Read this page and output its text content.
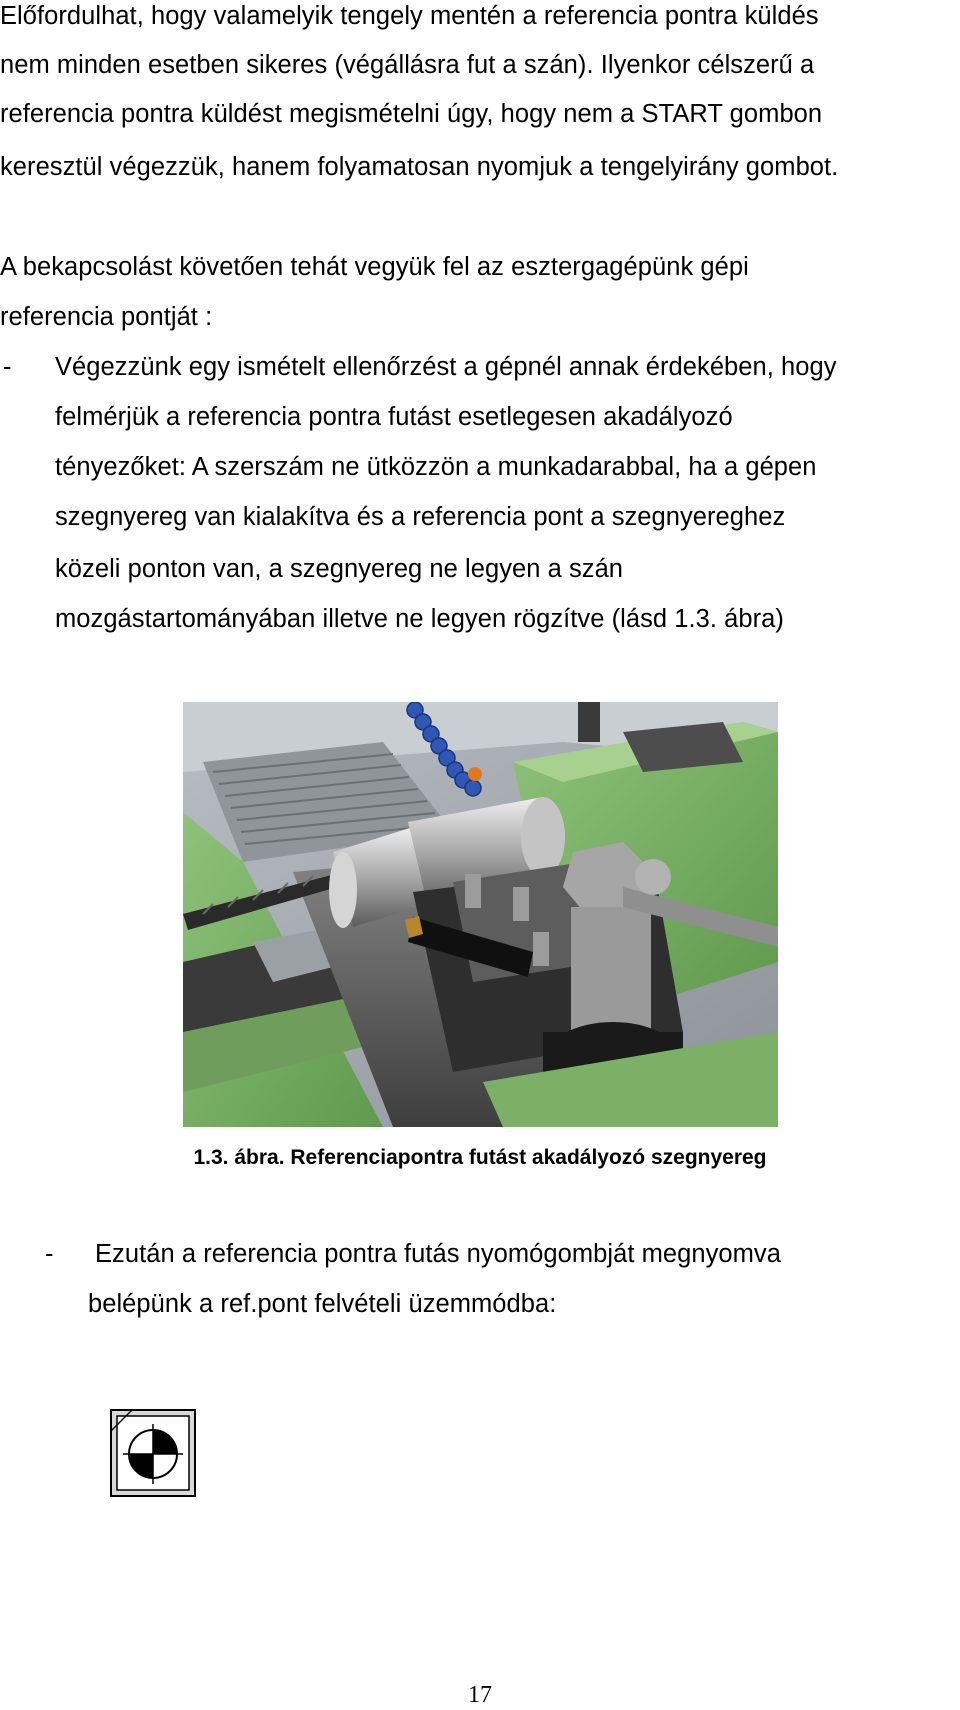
Előfordulhat, hogy valamelyik tengely mentén a referencia pontra küldés
nem minden esetben sikeres (végállásra fut a szán). Ilyenkor célszerű a
referencia pontra küldést megismételni úgy, hogy nem a START gombon
keresztül végezzük, hanem folyamatosan nyomjuk a tengelyirány gombot.
A bekapcsolást követően tehát vegyük fel az esztergagépünk gépi
referencia pontját :
- Végezzünk egy ismételt ellenőrzést a gépnél annak érdekében, hogy
felmérjük a referencia pontra futást esetlegesen akadályozó
tényezőket: A szerszám ne ütközzön a munkadarabbal, ha a gépen
szegnyereg van kialakítva és a referencia pont a szegnyereghez
közeli ponton van, a szegnyereg ne legyen a szán
mozgástartományában illetve ne legyen rögzítve (lásd 1.3. ábra)
1.3. ábra. Referenciapontra futást akadályozó szegnyereg
- Ezután a referencia pontra futás nyomógombját megnyomva
belépünk a ref.pont felvételi üzemmódba:
17
